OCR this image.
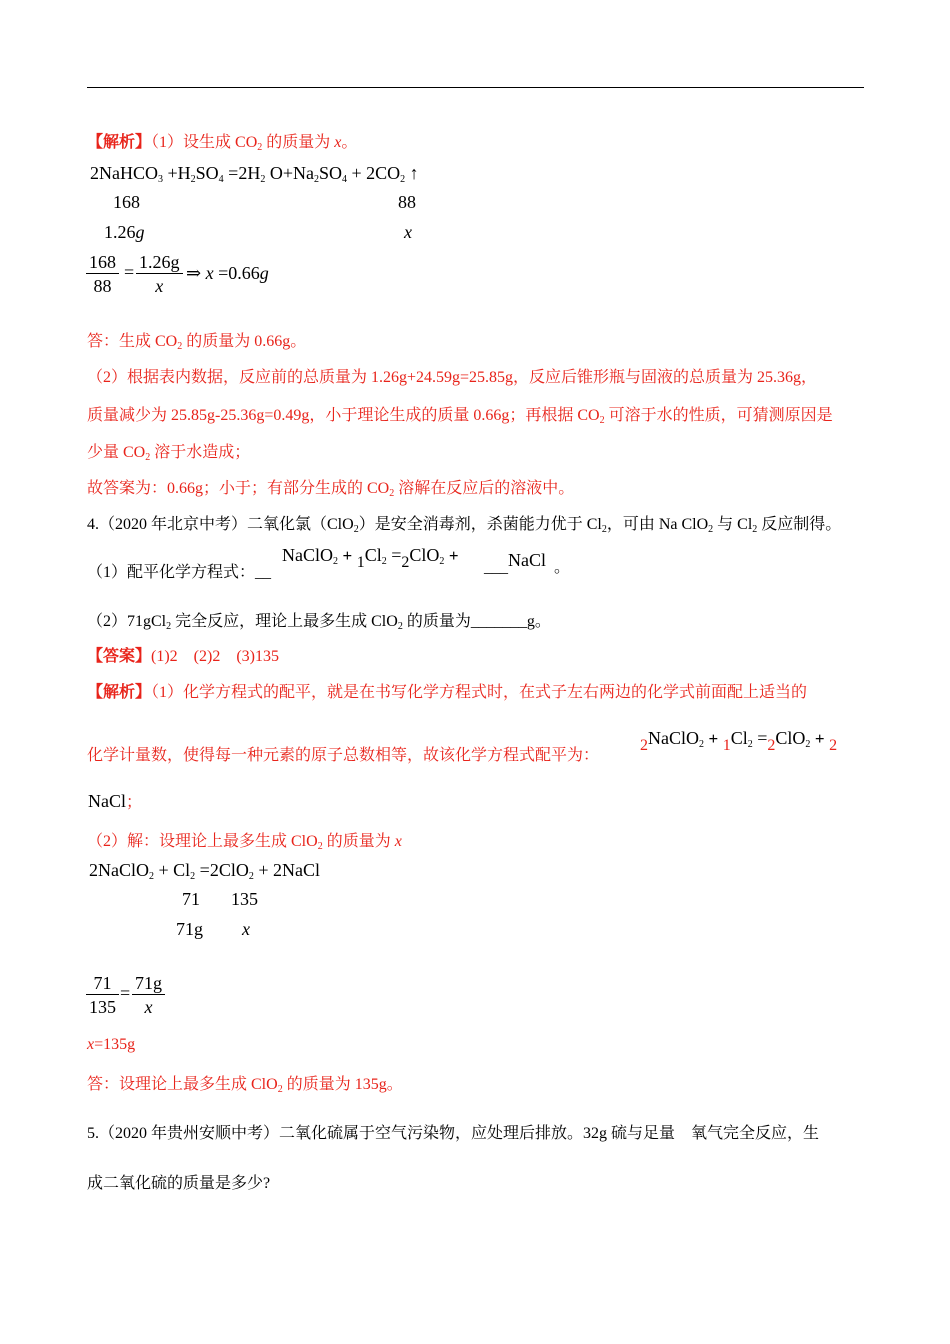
【解析】（1）设生成 $CO_2$ 的质量为 x。
2NaHCO$_3$ $+H_2SO_4 =2H_2$ $O+Na_2SO_4 + 2CO_2$ ↑
168	88
1.26g	x
$\frac{168}{88} = \frac{1.26g}{x}$ ⇒ x =0.66g
答：生成 $CO_2$ 的质量为 0.66g。
（2）根据表内数据，反应前的总质量为 1.26g+24.59g=25.85g，反应后锥形瓶与固液的总质量为 25.36g，
质量减少为 25.85g-25.36g=0.49g，小于理论生成的质量 0.66g；再根据 $CO_2$ 可溶于水的性质，可猜测原因是
少量 $CO_2$ 溶于水造成；
故答案为：0.66g；小于；有部分生成的 $CO_2$ 溶解在反应后的溶液中。
4.（2020 年北京中考）二氧化氯（ClO$_2$）是安全消毒剂，杀菌能力优于 $Cl_2$，可由 Na ClO$_2$ 与 $Cl_2$ 反应制得。
（1）配平化学方程式：__
NaClO$_2$ + $1Cl_2 =2ClO_2$ +
___NaCl 。
（2）71gCl$_2$ 完全反应，理论上最多生成 ClO$_2$ 的质量为_______g。
【答案】(1)2　(2)2　(3)135
【解析】（1）化学方程式的配平，就是在书写化学方程式时，在式子左右两边的化学式前面配上适当的
化学计量数，使得每一种元素的原子总数相等，故该化学方程式配平为：
2NaClO$_2$ + $1Cl_2 =2ClO_2 + 2$
NaCl；
（2）解：设理论上最多生成 ClO$_2$ 的质量为 x
2NaClO$_2$ + $Cl_2 =2ClO_2$ + 2NaCl
71 135
71g x
$\frac{71}{135} = \frac{71g}{x}$
x=135g
答：设理论上最多生成 ClO$_2$ 的质量为 135g。
5.（2020 年贵州安顺中考）二氧化硫属于空气污染物，应处理后排放。32g 硫与足量　氧气完全反应，生
成二氧化硫的质量是多少?
